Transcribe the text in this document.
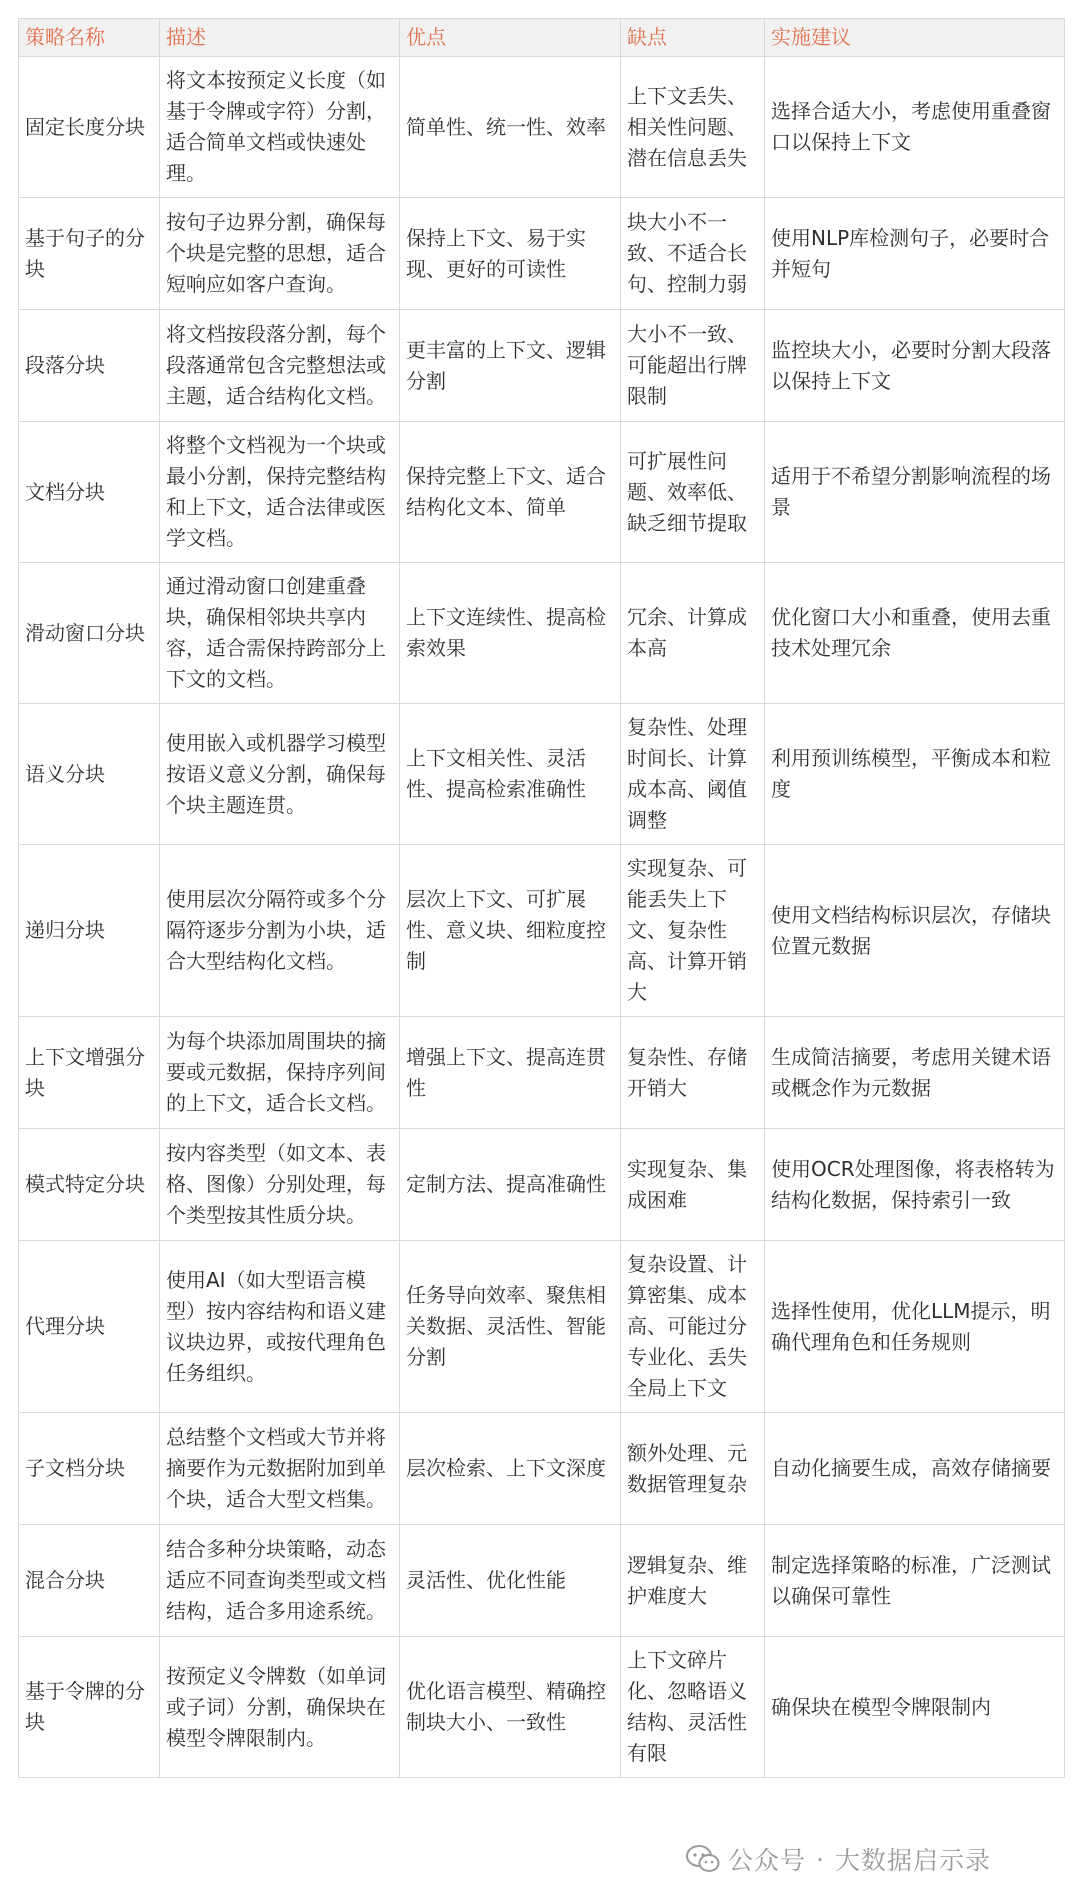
策略名称	描述	优点	缺点	实施建议
固定长度分块	将文本按预定义长度（如基于令牌或字符）分割，适合简单文档或快速处理。	简单性、统一性、效率	上下文丢失、相关性问题、潜在信息丢失	选择合适大小，考虑使用重叠窗口以保持上下文
基于句子的分块	按句子边界分割，确保每个块是完整的思想，适合短响应如客户查询。	保持上下文、易于实现、更好的可读性	块大小不一致、不适合长句、控制力弱	使用NLP库检测句子，必要时合并短句
段落分块	将文档按段落分割，每个段落通常包含完整想法或主题，适合结构化文档。	更丰富的上下文、逻辑分割	大小不一致、可能超出行牌限制	监控块大小，必要时分割大段落以保持上下文
文档分块	将整个文档视为一个块或最小分割，保持完整结构和上下文，适合法律或医学文档。	保持完整上下文、适合结构化文本、简单	可扩展性问题、效率低、缺乏细节提取	适用于不希望分割影响流程的场景
滑动窗口分块	通过滑动窗口创建重叠块，确保相邻块共享内容，适合需保持跨部分上下文的文档。	上下文连续性、提高检索效果	冗余、计算成本高	优化窗口大小和重叠，使用去重技术处理冗余
语义分块	使用嵌入或机器学习模型按语义意义分割，确保每个块主题连贯。	上下文相关性、灵活性、提高检索准确性	复杂性、处理时间长、计算成本高、阈值调整	利用预训练模型，平衡成本和粒度
递归分块	使用层次分隔符或多个分隔符逐步分割为小块，适合大型结构化文档。	层次上下文、可扩展性、意义块、细粒度控制	实现复杂、可能丢失上下文、复杂性高、计算开销大	使用文档结构标识层次，存储块位置元数据
上下文增强分块	为每个块添加周围块的摘要或元数据，保持序列间的上下文，适合长文档。	增强上下文、提高连贯性	复杂性、存储开销大	生成简洁摘要，考虑用关键术语或概念作为元数据
模式特定分块	按内容类型（如文本、表格、图像）分别处理，每个类型按其性质分块。	定制方法、提高准确性	实现复杂、集成困难	使用OCR处理图像，将表格转为结构化数据，保持索引一致
代理分块	使用AI（如大型语言模型）按内容结构和语义建议块边界，或按代理角色任务组织。	任务导向效率、聚焦相关数据、灵活性、智能分割	复杂设置、计算密集、成本高、可能过分专业化、丢失全局上下文	选择性使用，优化LLM提示，明确代理角色和任务规则
子文档分块	总结整个文档或大节并将摘要作为元数据附加到单个块，适合大型文档集。	层次检索、上下文深度	额外处理、元数据管理复杂	自动化摘要生成，高效存储摘要
混合分块	结合多种分块策略，动态适应不同查询类型或文档结构，适合多用途系统。	灵活性、优化性能	逻辑复杂、维护难度大	制定选择策略的标准，广泛测试以确保可靠性
基于令牌的分块	按预定义令牌数（如单词或子词）分割，确保块在模型令牌限制内。	优化语言模型、精确控制块大小、一致性	上下文碎片化、忽略语义结构、灵活性有限	确保块在模型令牌限制内
公众号 · 大数据启示录
